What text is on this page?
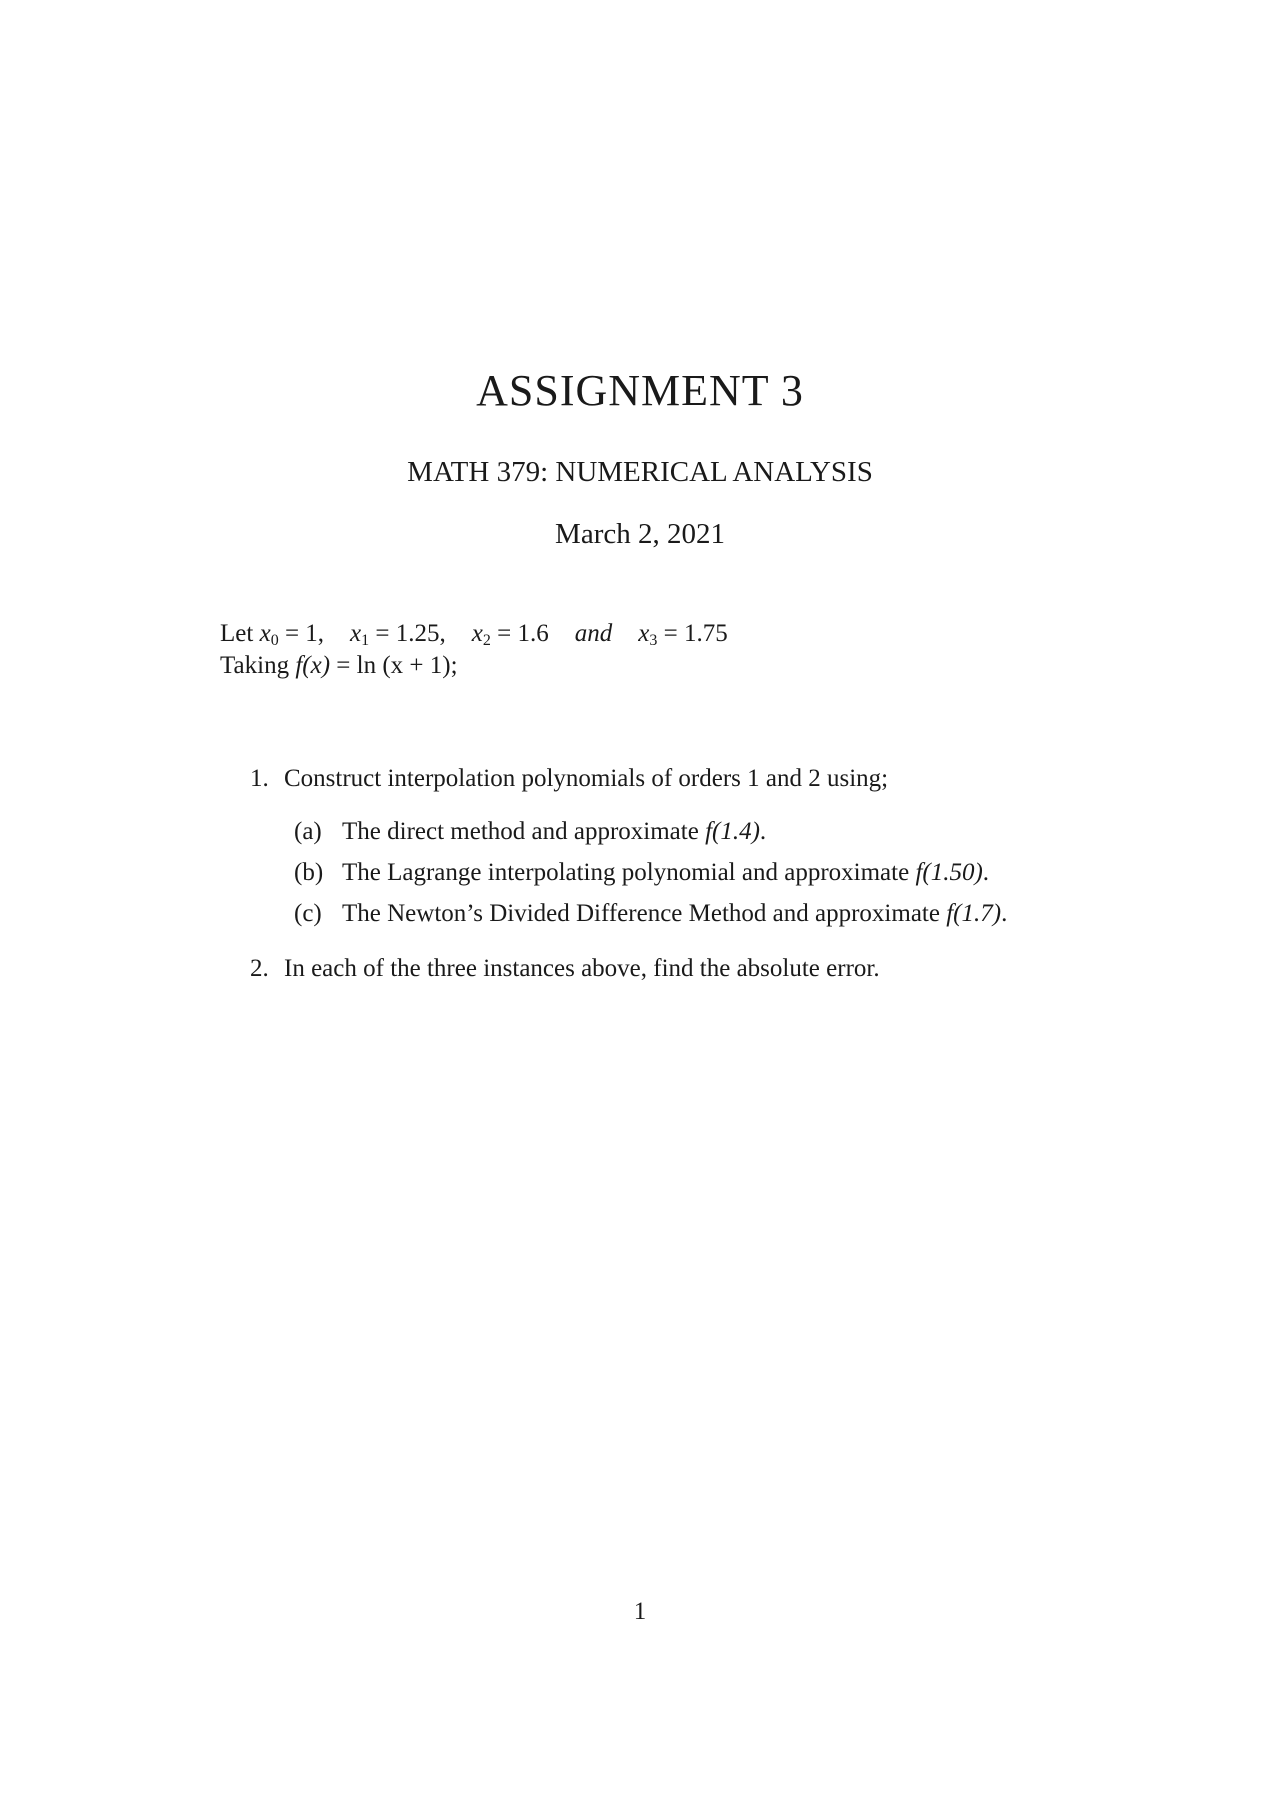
ASSIGNMENT 3
MATH 379: NUMERICAL ANALYSIS
March 2, 2021
Let $x_0 = 1$, $x_1 = 1.25$, $x_2 = 1.6$ and $x_3 = 1.75$
Taking f(x) = ln (x + 1);
1. Construct interpolation polynomials of orders 1 and 2 using;
(a) The direct method and approximate f(1.4).
(b) The Lagrange interpolating polynomial and approximate f(1.50).
(c) The Newton’s Divided Difference Method and approximate f(1.7).
2. In each of the three instances above, find the absolute error.
1
